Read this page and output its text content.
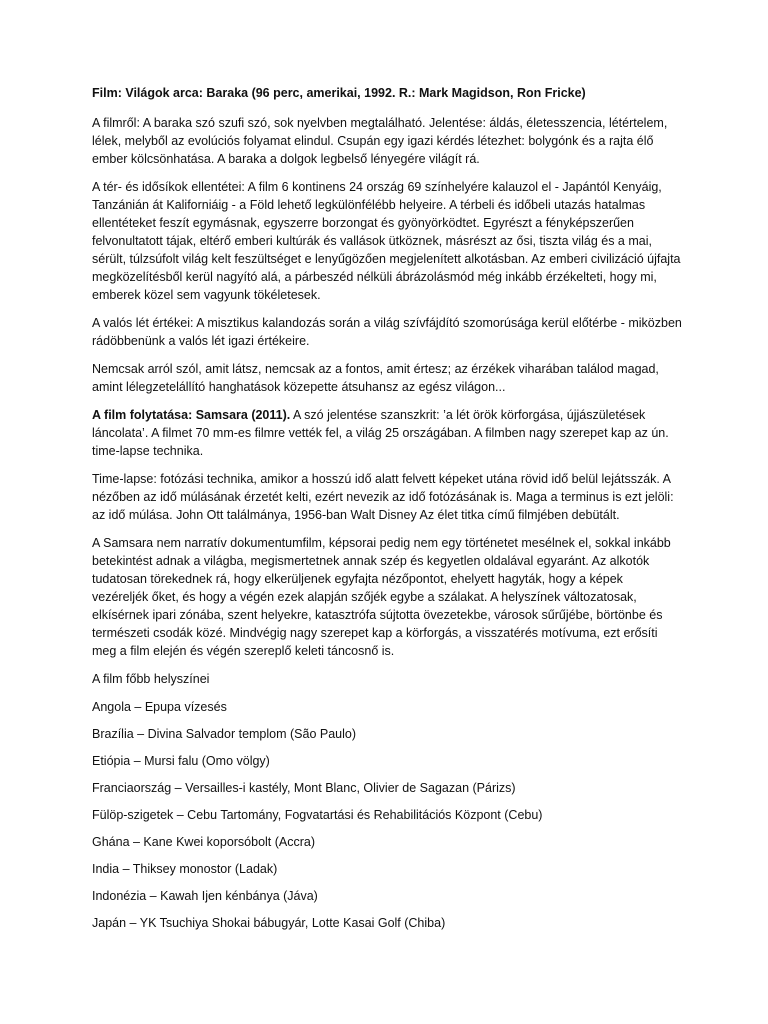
Film: Világok arca: Baraka (96 perc, amerikai, 1992. R.: Mark Magidson, Ron Fricke)
A filmről: A baraka szó szufi szó, sok nyelvben megtalálható. Jelentése: áldás, életesszencia, létértelem, lélek, melyből az evolúciós folyamat elindul. Csupán egy igazi kérdés létezhet: bolygónk és a rajta élő ember kölcsönhatása. A baraka a dolgok legbelső lényegére világít rá.
A tér- és idősíkok ellentétei: A film 6 kontinens 24 ország 69 színhelyére kalauzol el - Japántól Kenyáig, Tanzánián át Kaliforniáig - a Föld lehető legkülönfélébb helyeire. A térbeli és időbeli utazás hatalmas ellentéteket feszít egymásnak, egyszerre borzongat és gyönyörködtet. Egyrészt a fényképszerűen felvonultatott tájak, eltérő emberi kultúrák és vallások ütköznek, másrészt az ősi, tiszta világ és a mai, sérült, túlzsúfolt világ kelt feszültséget e lenyűgözően megjelenített alkotásban. Az emberi civilizáció újfajta megközelítésből kerül nagyító alá, a párbeszéd nélküli ábrázolásmód még inkább érzékelteti, hogy mi, emberek közel sem vagyunk tökéletesek.
A valós lét értékei: A misztikus kalandozás során a világ szívfájdító szomorúsága kerül előtérbe - miközben rádöbbenünk a valós lét igazi értékeire.
Nemcsak arról szól, amit látsz, nemcsak az a fontos, amit értesz; az érzékek viharában találod magad, amint lélegzetelállító hanghatások közepette átsuhansz az egész világon...
A film folytatása: Samsara (2011). A szó jelentése szanszkrit: ’a lét örök körforgása, újjászületések láncolata’. A filmet 70 mm-es filmre vették fel, a világ 25 országában. A filmben nagy szerepet kap az ún. time-lapse technika.
Time-lapse: fotózási technika, amikor a hosszú idő alatt felvett képeket utána rövid idő belül lejátsszák. A nézőben az idő múlásának érzetét kelti, ezért nevezik az idő fotózásának is. Maga a terminus is ezt jelöli: az idő múlása. John Ott találmánya, 1956-ban Walt Disney Az élet titka című filmjében debütált.
A Samsara nem narratív dokumentumfilm, képsorai pedig nem egy történetet mesélnek el, sokkal inkább betekintést adnak a világba, megismertetnek annak szép és kegyetlen oldalával egyaránt. Az alkotók tudatosan törekednek rá, hogy elkerüljenek egyfajta nézőpontot, ehelyett hagyták, hogy a képek vezéreljék őket, és hogy a végén ezek alapján szőjék egybe a szálakat. A helyszínek változatosak, elkísérnek ipari zónába, szent helyekre, katasztrófa sújtotta övezetekbe, városok sűrűjébe, börtönbe és természeti csodák közé. Mindvégig nagy szerepet kap a körforgás, a visszatérés motívuma, ezt erősíti meg a film elején és végén szereplő keleti táncosnő is.
A film főbb helyszínei
Angola – Epupa vízesés
Brazília – Divina Salvador templom (São Paulo)
Etiópia – Mursi falu (Omo völgy)
Franciaország – Versailles-i kastély, Mont Blanc, Olivier de Sagazan (Párizs)
Fülöp-szigetek – Cebu Tartomány, Fogvatartási és Rehabilitációs Központ (Cebu)
Ghána – Kane Kwei koporsóbolt (Accra)
India – Thiksey monostor (Ladak)
Indonézia – Kawah Ijen kénbánya (Jáva)
Japán – YK Tsuchiya Shokai bábugyár, Lotte Kasai Golf (Chiba)
